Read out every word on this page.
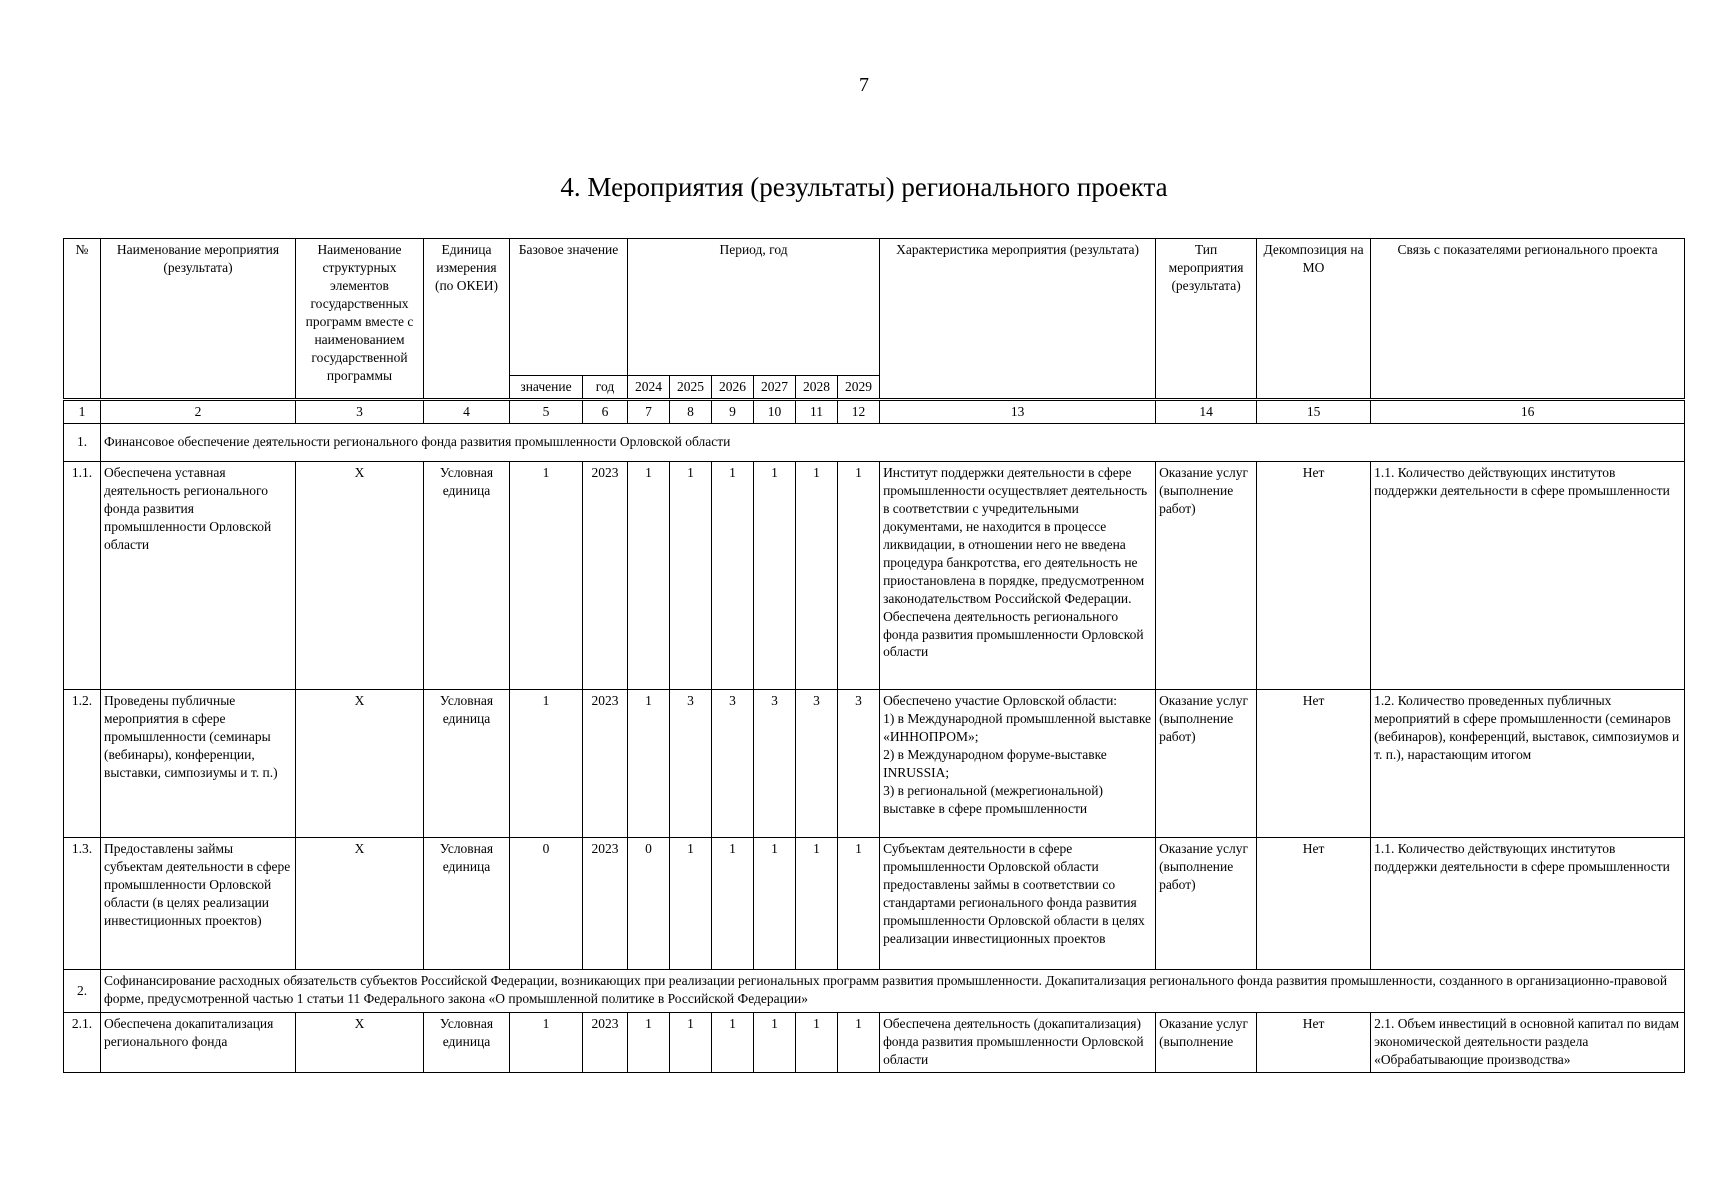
7
4. Мероприятия (результаты) регионального проекта
№	Наименование мероприятия (результата)	Наименование структурных элементов государственных программ вместе с наименованием государственной программы	Единица измерения (по ОКЕИ)	Базовое значение		Период, год						Характеристика мероприятия (результата)	Тип мероприятия (результата)	Декомпозиция на МО	Связь с показателями регионального проекта
				значение	год	2024	2025	2026	2027	2028	2029				
1	2	3	4	5	6	7	8	9	10	11	12	13	14	15	16
1.	Финансовое обеспечение деятельности регионального фонда развития промышленности Орловской области														
1.1.	Обеспечена уставная деятельность регионального фонда развития промышленности Орловской области	X	Условная единица	1	2023	1	1	1	1	1	1	Институт поддержки деятельности в сфере промышленности осуществляет деятельность в соответствии с учредительными документами, не находится в процессе ликвидации, в отношении него не введена процедура банкротства, его деятельность не приостановлена в порядке, предусмотренном законодательством Российской Федерации.
Обеспечена деятельность регионального фонда развития промышленности Орловской области	Оказание услуг (выполнение работ)	Нет	1.1. Количество действующих институтов поддержки деятельности в сфере промышленности
1.2.	Проведены публичные мероприятия в сфере промышленности (семинары (вебинары), конференции, выставки, симпозиумы и т. п.)	X	Условная единица	1	2023	1	3	3	3	3	3	Обеспечено участие Орловской области:
1) в Международной промышленной выставке «ИННОПРОМ»;
2) в Международном форуме-выставке INRUSSIA;
3) в региональной (межрегиональной) выставке в сфере промышленности	Оказание услуг (выполнение работ)	Нет	1.2. Количество проведенных публичных мероприятий в сфере промышленности (семинаров (вебинаров), конференций, выставок, симпозиумов и т. п.), нарастающим итогом
1.3.	Предоставлены займы субъектам деятельности в сфере промышленности Орловской области (в целях реализации инвестиционных проектов)	X	Условная единица	0	2023	0	1	1	1	1	1	Субъектам деятельности в сфере промышленности Орловской области предоставлены займы в соответствии со стандартами регионального фонда развития промышленности Орловской области в целях реализации инвестиционных проектов	Оказание услуг (выполнение работ)	Нет	1.1. Количество действующих институтов поддержки деятельности в сфере промышленности
2.	Софинансирование расходных обязательств субъектов Российской Федерации, возникающих при реализации региональных программ развития промышленности. Докапитализация регионального фонда развития промышленности, созданного в организационно-правовой форме, предусмотренной частью 1 статьи 11 Федерального закона «О промышленной политике в Российской Федерации»														
2.1.	Обеспечена докапитализация регионального фонда	X	Условная единица	1	2023	1	1	1	1	1	1	Обеспечена деятельность (докапитализация) фонда развития промышленности Орловской области	Оказание услуг (выполнение	Нет	2.1. Объем инвестиций в основной капитал по видам экономической деятельности раздела «Обрабатывающие производства»
